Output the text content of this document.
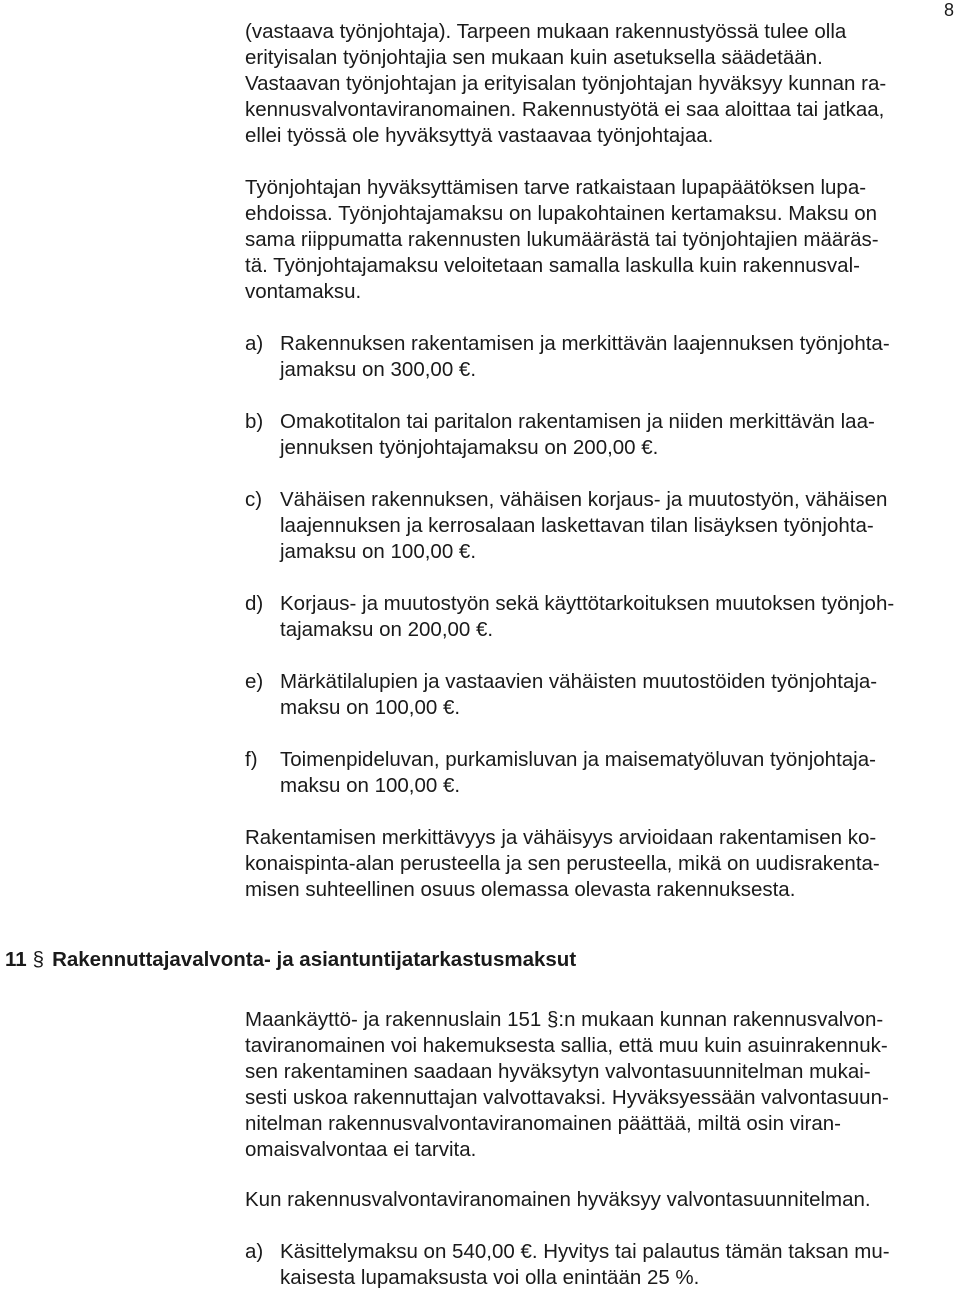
8
(vastaava työnjohtaja). Tarpeen mukaan rakennustyössä tulee olla
erityisalan työnjohtajia sen mukaan kuin asetuksella säädetään.
Vastaavan työnjohtajan ja erityisalan työnjohtajan hyväksyy kunnan ra-
kennusvalvontaviranomainen. Rakennustyötä ei saa aloittaa tai jatkaa,
ellei työssä ole hyväksyttyä vastaavaa työnjohtajaa.
Työnjohtajan hyväksyttämisen tarve ratkaistaan lupapäätöksen lupa-
ehdoissa. Työnjohtajamaksu on lupakohtainen kertamaksu. Maksu on
sama riippumatta rakennusten lukumäärästä tai työnjohtajien määräs-
tä. Työnjohtajamaksu veloitetaan samalla laskulla kuin rakennusval-
vontamaksu.
a) Rakennuksen rakentamisen ja merkittävän laajennuksen työnjohta-
jamaksu on 300,00 €.
b) Omakotitalon tai paritalon rakentamisen ja niiden merkittävän laa-
jennuksen työnjohtajamaksu on 200,00 €.
c) Vähäisen rakennuksen, vähäisen korjaus- ja muutostyön, vähäisen
laajennuksen ja kerrosalaan laskettavan tilan lisäyksen työnjohta-
jamaksu on 100,00 €.
d) Korjaus- ja muutostyön sekä käyttötarkoituksen muutoksen työnjoh-
tajamaksu on 200,00 €.
e) Märkätilalupien ja vastaavien vähäisten muutostöiden työnjohtaja-
maksu on 100,00 €.
f)	Toimenpideluvan, purkamisluvan ja maisematyöluvan työnjohtaja-
maksu on 100,00 €.
Rakentamisen merkittävyys ja vähäisyys arvioidaan rakentamisen ko-
konaispinta-alan perusteella ja sen perusteella, mikä on uudisrakenta-
misen suhteellinen osuus olemassa olevasta rakennuksesta.
11 § Rakennuttajavalvonta- ja asiantuntijatarkastusmaksut
Maankäyttö- ja rakennuslain 151 §:n mukaan kunnan rakennusvalvon-
taviranomainen voi hakemuksesta sallia, että muu kuin asuinrakennuk-
sen rakentaminen saadaan hyväksytyn valvontasuunnitelman mukai-
sesti uskoa rakennuttajan valvottavaksi. Hyväksyessään valvontasuun-
nitelman rakennusvalvontaviranomainen päättää, miltä osin viran-
omaisvalvontaa ei tarvita.
Kun rakennusvalvontaviranomainen hyväksyy valvontasuunnitelman.
a) Käsittelymaksu on 540,00 €. Hyvitys tai palautus tämän taksan mu-
kaisesta lupamaksusta voi olla enintään 25 %.
